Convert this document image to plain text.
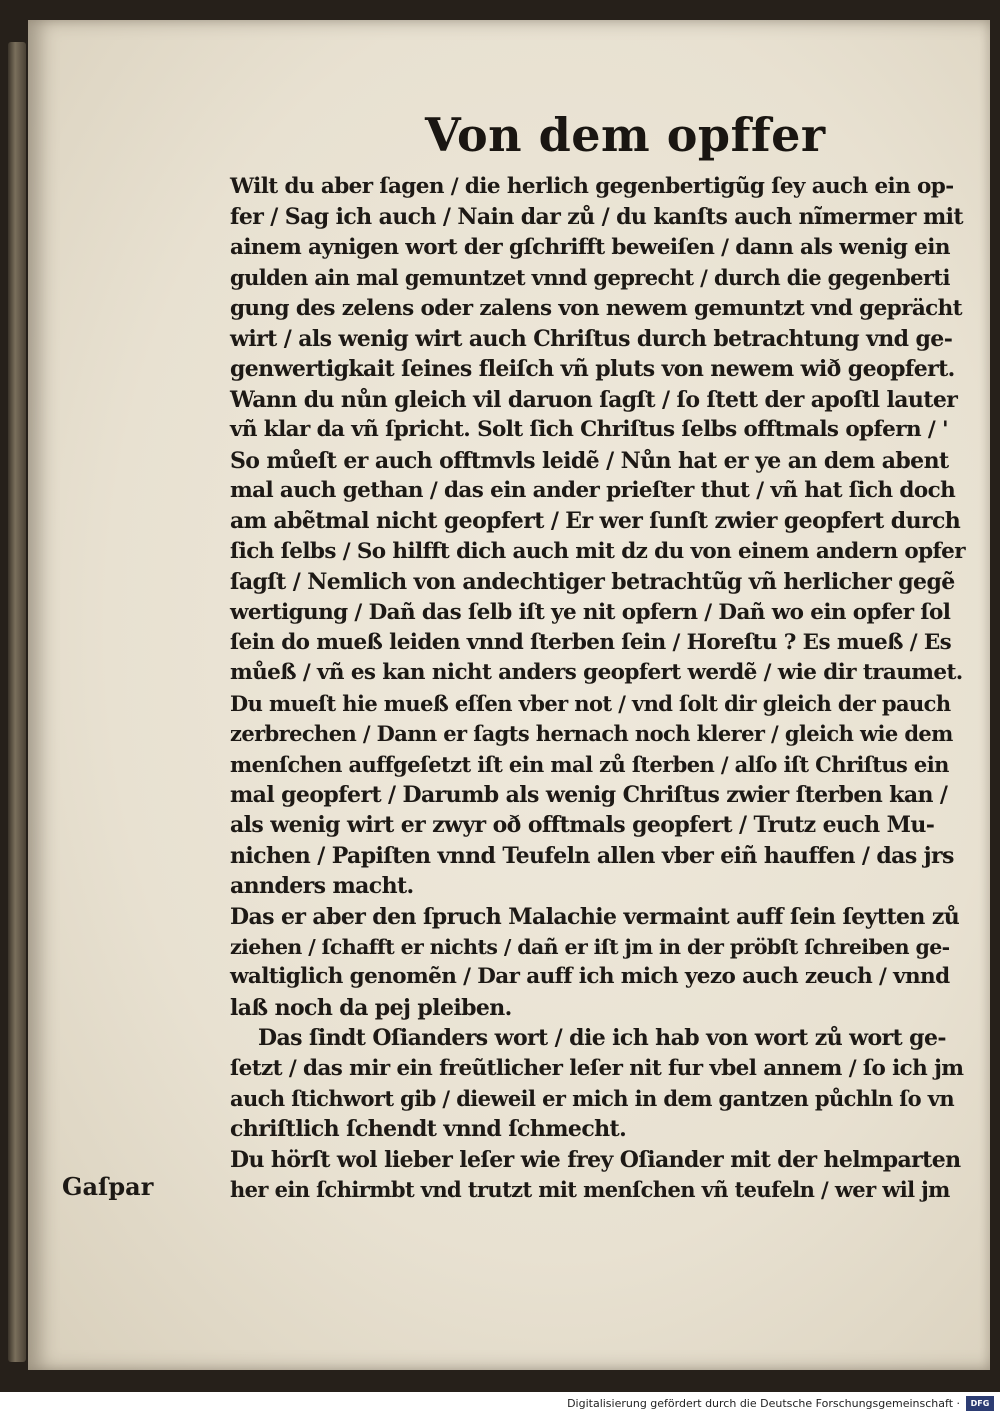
Von dem opffer
Wilt du aber ſagen / die herlich gegenbertigũg ſey auch ein op-
fer / Sag ich auch / Nain dar zů / du kanſts auch nĩmermer mit
ainem aynigen wort der gſchrifft beweiſen / dann als wenig ein
gulden ain mal gemuntzet vnnd geprecht / durch die gegenberti
gung des zelens oder zalens von newem gemuntzt vnd geprächt
wirt / als wenig wirt auch Chriſtus durch betrachtung vnd ge-
genwertigkait ſeines fleiſch vñ pluts von newem wið geopfert.
Wann du nůn gleich vil daruon ſagſt / ſo ſtett der apoſtl lauter
vñ klar da vñ ſpricht. Solt ſich Chriſtus ſelbs offtmals opfern / '
So můeſt er auch offtmvls leidẽ / Nůn hat er ye an dem abent
mal auch gethan / das ein ander prieſter thut / vñ hat ſich doch
am abẽtmal nicht geopfert / Er wer ſunſt zwier geopfert durch
ſich ſelbs / So hilfft dich auch mit dz du von einem andern opfer
ſagſt / Nemlich von andechtiger betrachtũg vñ herlicher gegẽ
wertigung / Dañ das ſelb iſt ye nit opfern / Dañ wo ein opfer ſol
ſein do mueß leiden vnnd ſterben ſein / Horeſtu ? Es mueß / Es
můeß / vñ es kan nicht anders geopfert werdẽ / wie dir traumet.
Du mueſt hie mueß eſſen vber not / vnd ſolt dir gleich der pauch
zerbrechen / Dann er ſagts hernach noch klerer / gleich wie dem
menſchen auffgeſetzt iſt ein mal zů ſterben / alſo iſt Chriſtus ein
mal geopfert / Darumb als wenig Chriſtus zwier ſterben kan /
als wenig wirt er zwyr oð offtmals geopfert / Trutz euch Mu-
nichen / Papiſten vnnd Teufeln allen vber eiñ hauffen / das jrs
annders macht.
Das er aber den ſpruch Malachie vermaint auff ſein ſeytten zů
ziehen / ſchafft er nichts / dañ er iſt jm in der pröbſt ſchreiben ge-
waltiglich genomẽn / Dar auff ich mich yezo auch zeuch / vnnd
laß noch da pej pleiben.
Das ſindt Oſianders wort / die ich hab von wort zů wort ge-
ſetzt / das mir ein freũtlicher leſer nit fur vbel annem / ſo ich jm
auch ſtichwort gib / dieweil er mich in dem gantzen půchln ſo vn
chriſtlich ſchendt vnnd ſchmecht.
Du hörſt wol lieber leſer wie frey Oſiander mit der helmparten
her ein ſchirmbt vnd trutzt mit menſchen vñ teufeln / wer wil jm
Gaſpar
Digitalisierung gefördert durch die Deutsche Forschungsgemeinschaft ·	DFG
